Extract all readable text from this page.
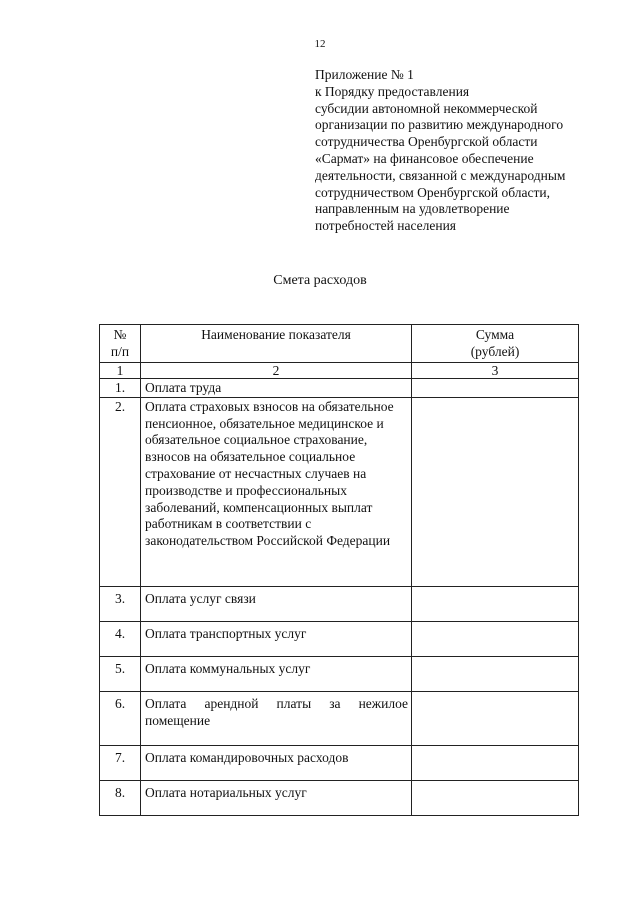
12
Приложение № 1
к Порядку предоставления
субсидии автономной некоммерческой
организации по развитию международного
сотрудничества Оренбургской области
«Сармат» на финансовое обеспечение
деятельности, связанной с международным
сотрудничеством Оренбургской области,
направленным на удовлетворение
потребностей населения
Смета расходов
№
п/п	Наименование показателя	Сумма
(рублей)
1	2	3
1.	Оплата труда	
2.	Оплата страховых взносов на обязательное пенсионное, обязательное медицинское и обязательное социальное страхование, взносов на обязательное социальное страхование от несчастных случаев на производстве и профессиональных заболеваний, компенсационных выплат работникам в соответствии с законодательством Российской Федерации	
3.	Оплата услуг связи	
4.	Оплата транспортных услуг	
5.	Оплата коммунальных услуг	
6.	Оплата арендной платы за нежилое помещение	
7.	Оплата командировочных расходов	
8.	Оплата нотариальных услуг	
